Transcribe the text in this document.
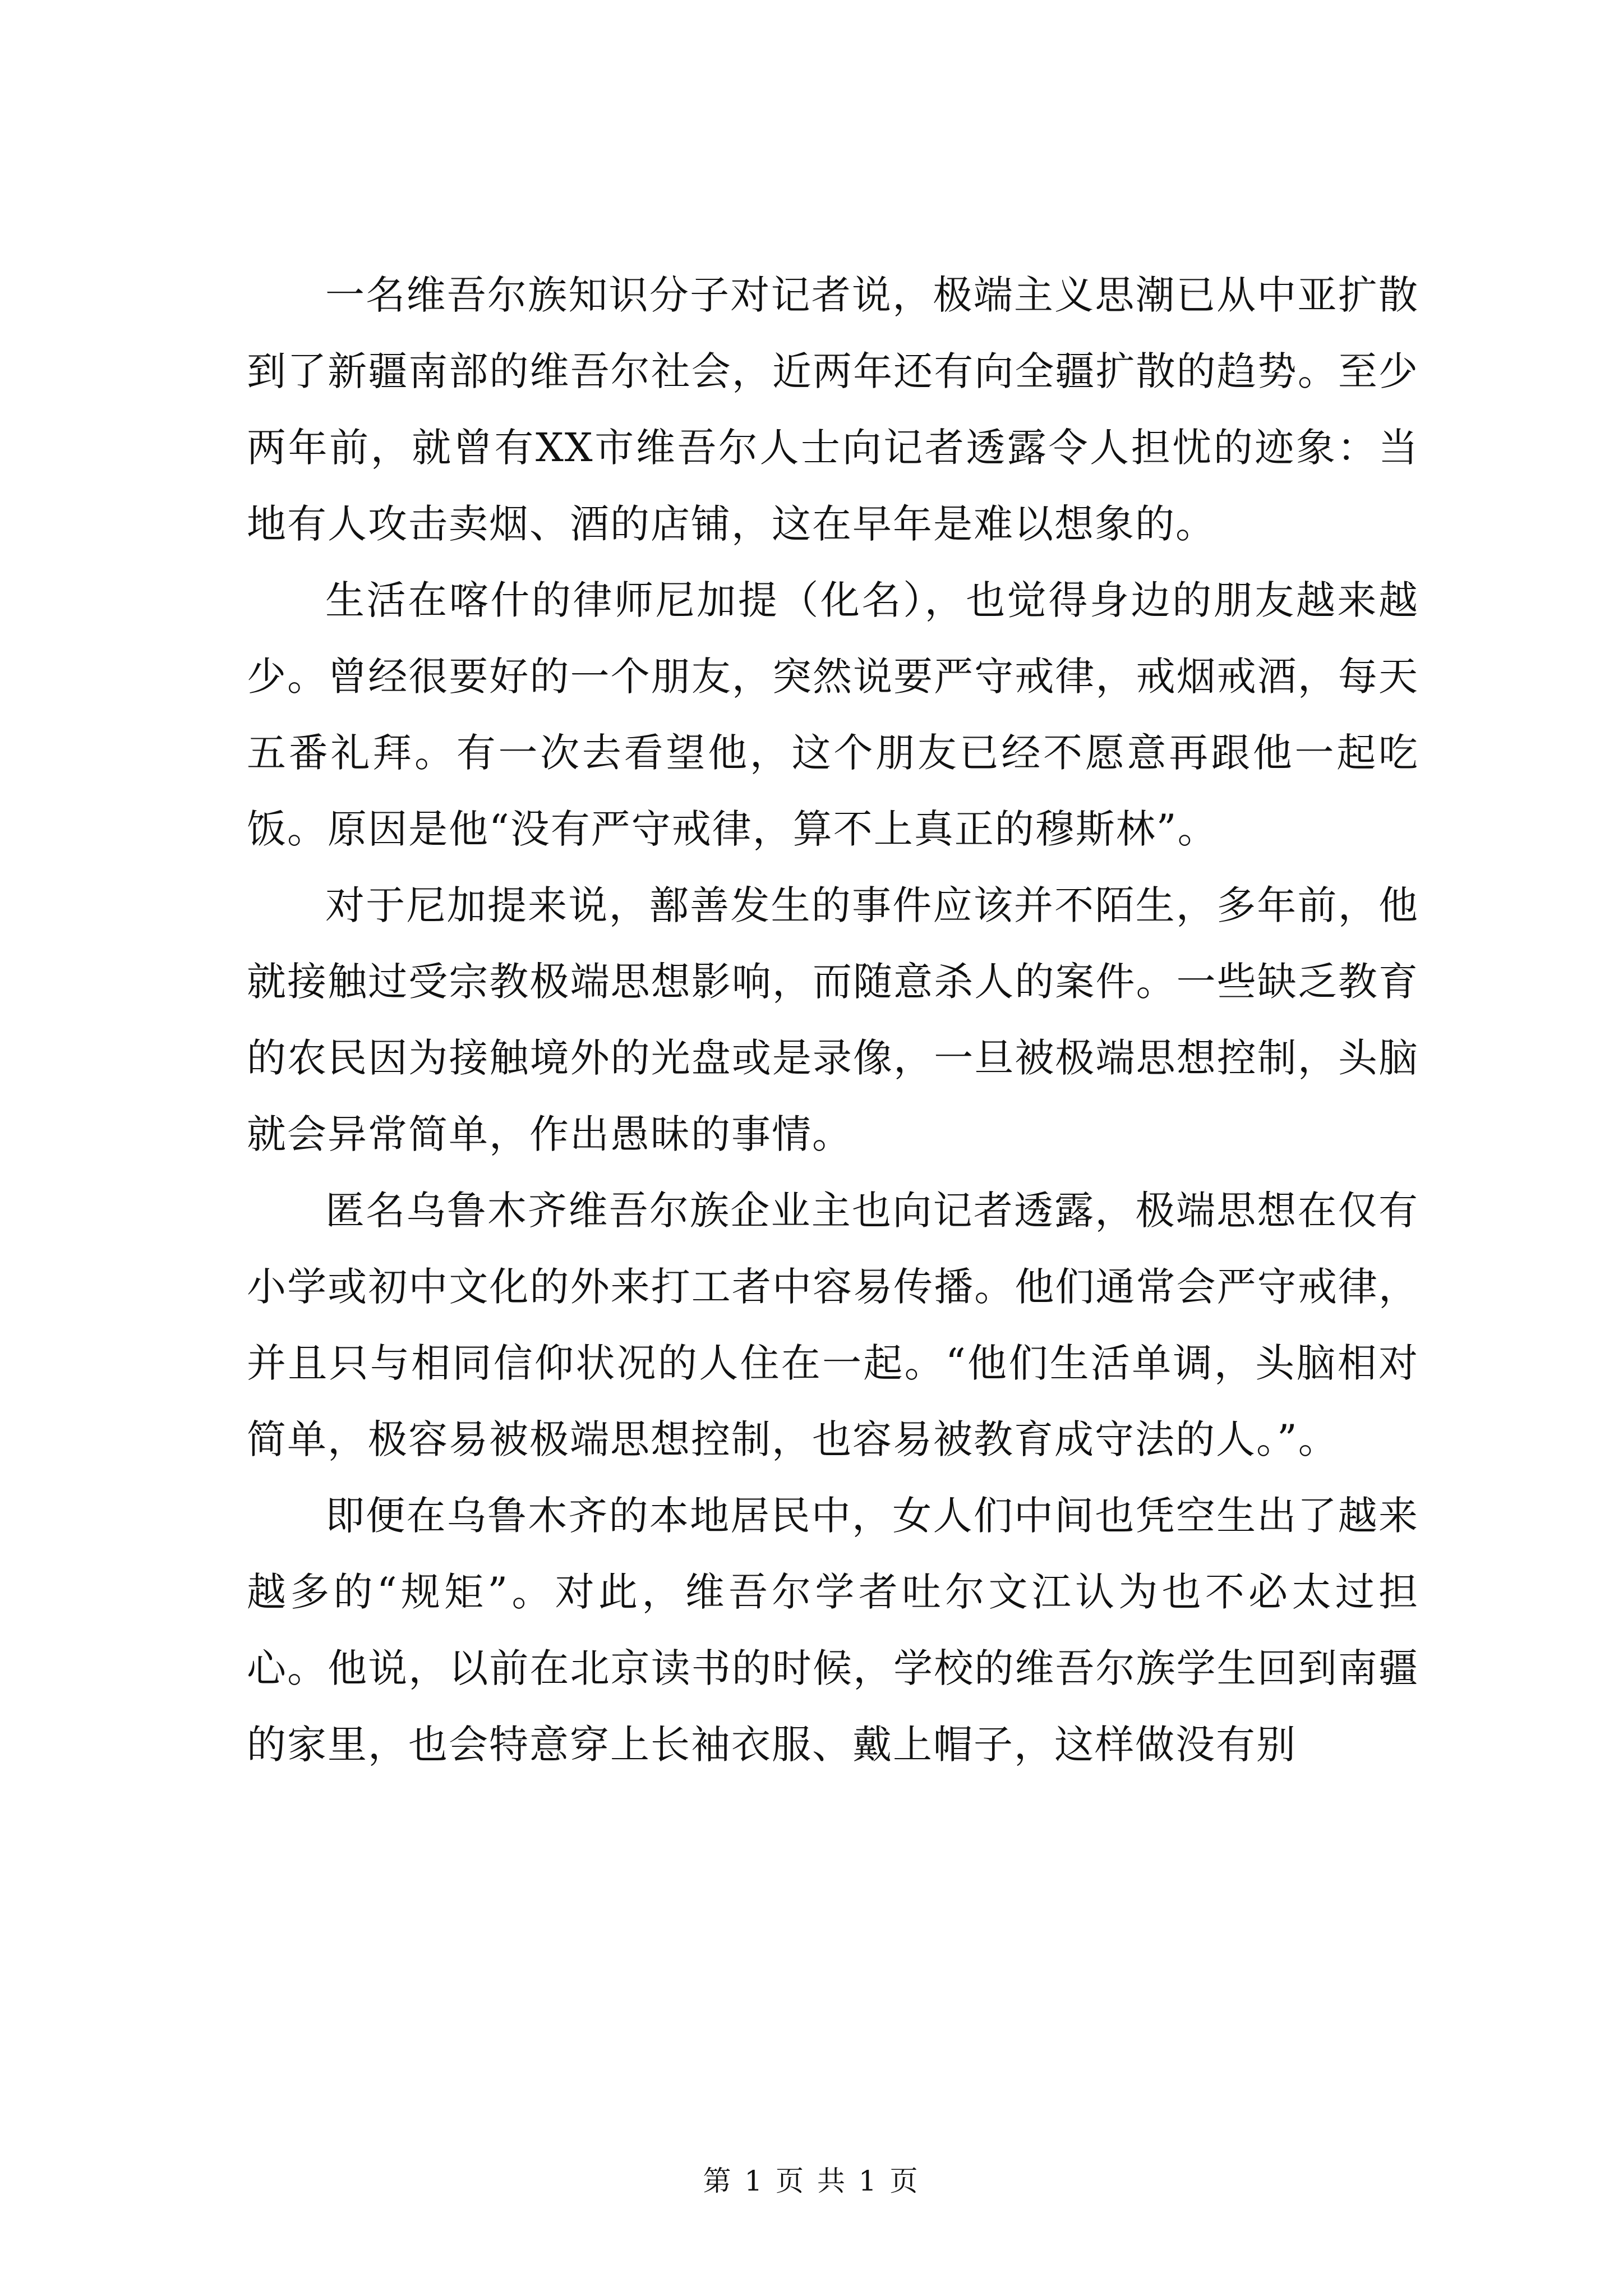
一名维吾尔族知识分子对记者说，极端主义思潮已从中亚扩散到了新疆南部的维吾尔社会，近两年还有向全疆扩散的趋势。至少两年前，就曾有XX市维吾尔人士向记者透露令人担忧的迹象：当地有人攻击卖烟、酒的店铺，这在早年是难以想象的。

生活在喀什的律师尼加提（化名），也觉得身边的朋友越来越少。曾经很要好的一个朋友，突然说要严守戒律，戒烟戒酒，每天五番礼拜。有一次去看望他，这个朋友已经不愿意再跟他一起吃饭。原因是他“没有严守戒律，算不上真正的穆斯林”。

对于尼加提来说，鄯善发生的事件应该并不陌生，多年前，他就接触过受宗教极端思想影响，而随意杀人的案件。一些缺乏教育的农民因为接触境外的光盘或是录像，一旦被极端思想控制，头脑就会异常简单，作出愚昧的事情。

匿名乌鲁木齐维吾尔族企业主也向记者透露，极端思想在仅有小学或初中文化的外来打工者中容易传播。他们通常会严守戒律，并且只与相同信仰状况的人住在一起。“他们生活单调，头脑相对简单，极容易被极端思想控制，也容易被教育成守法的人。”。

即便在乌鲁木齐的本地居民中，女人们中间也凭空生出了越来越多的“规矩”。对此，维吾尔学者吐尔文江认为也不必太过担心。他说，以前在北京读书的时候，学校的维吾尔族学生回到南疆的家里，也会特意穿上长袖衣服、戴上帽子，这样做没有别

第 1 页 共 1 页
